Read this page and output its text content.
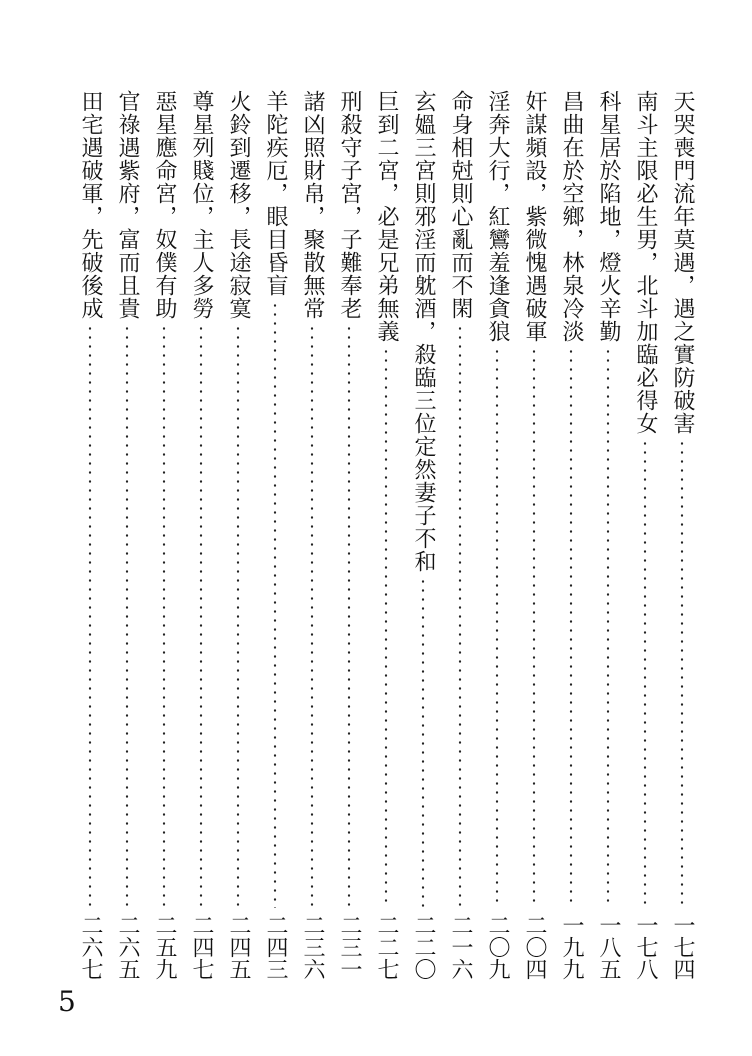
天哭喪門流年莫遇，遇之實防破害
一七四
南斗主限必生男，北斗加臨必得女
一七八
科星居於陷地，燈火辛勤
一八五
昌曲在於空鄉，林泉冷淡
一九九
奸謀頻設，紫微愧遇破軍
二〇四
淫奔大行，紅鸞羞逢貪狼
二〇九
命身相尅則心亂而不閑
二一六
玄媼三宮則邪淫而躭酒，殺臨三位定然妻子不和
二二〇
巨到二宮，必是兄弟無義
二二七
刑殺守子宮，子難奉老
二三一
諸凶照財帛，聚散無常
二三六
羊陀疾厄，眼目昏盲
二四三
火鈴到遷移，長途寂寞
二四五
尊星列賤位，主人多勞
二四七
惡星應命宮，奴僕有助
二五九
官祿遇紫府，富而且貴
二六五
田宅遇破軍，先破後成
二六七
5
